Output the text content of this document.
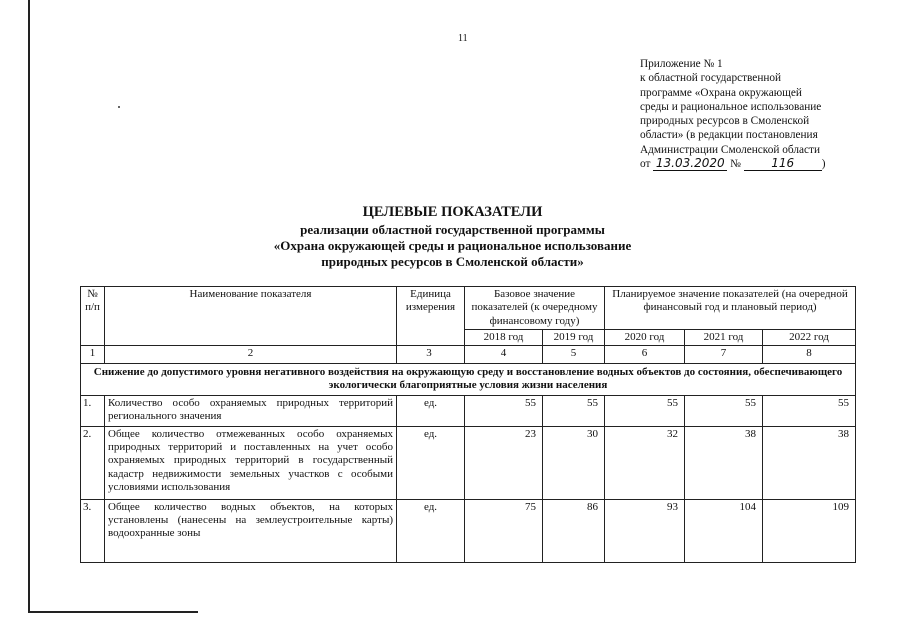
11
Приложение № 1
к областной государственной
программе «Охрана окружающей
среды и рациональное использование
природных ресурсов в Смоленской
области» (в редакции постановления
Администрации Смоленской области
от 13.03.2020 №	116 )
ЦЕЛЕВЫЕ ПОКАЗАТЕЛИ
реализации областной государственной программы
«Охрана окружающей среды и рациональное использование
природных ресурсов в Смоленской области»
№ п/п	Наименование показателя	Единица измерения	Базовое значение показателей (к очередному финансовому году)		Планируемое значение показателей (на очередной финансовый год и плановый период)		
			2018 год	2019 год	2020 год	2021 год	2022 год
1	2	3	4	5	6	7	8
Снижение до допустимого уровня негативного воздействия на окружающую среду и восстановление водных объектов до состояния, обеспечивающего экологически благоприятные условия жизни населения							
1.	Количество особо охраняемых природных территорий регионального значения	ед.	55	55	55	55	55
2.	Общее количество отмежеванных особо охраняемых природных территорий и поставленных на учет особо охраняемых природных территорий в государственный кадастр недвижимости земельных участков с особыми условиями использования	ед.	23	30	32	38	38
3.	Общее количество водных объектов, на которых установлены (нанесены на землеустроительные карты) водоохранные зоны	ед.	75	86	93	104	109
